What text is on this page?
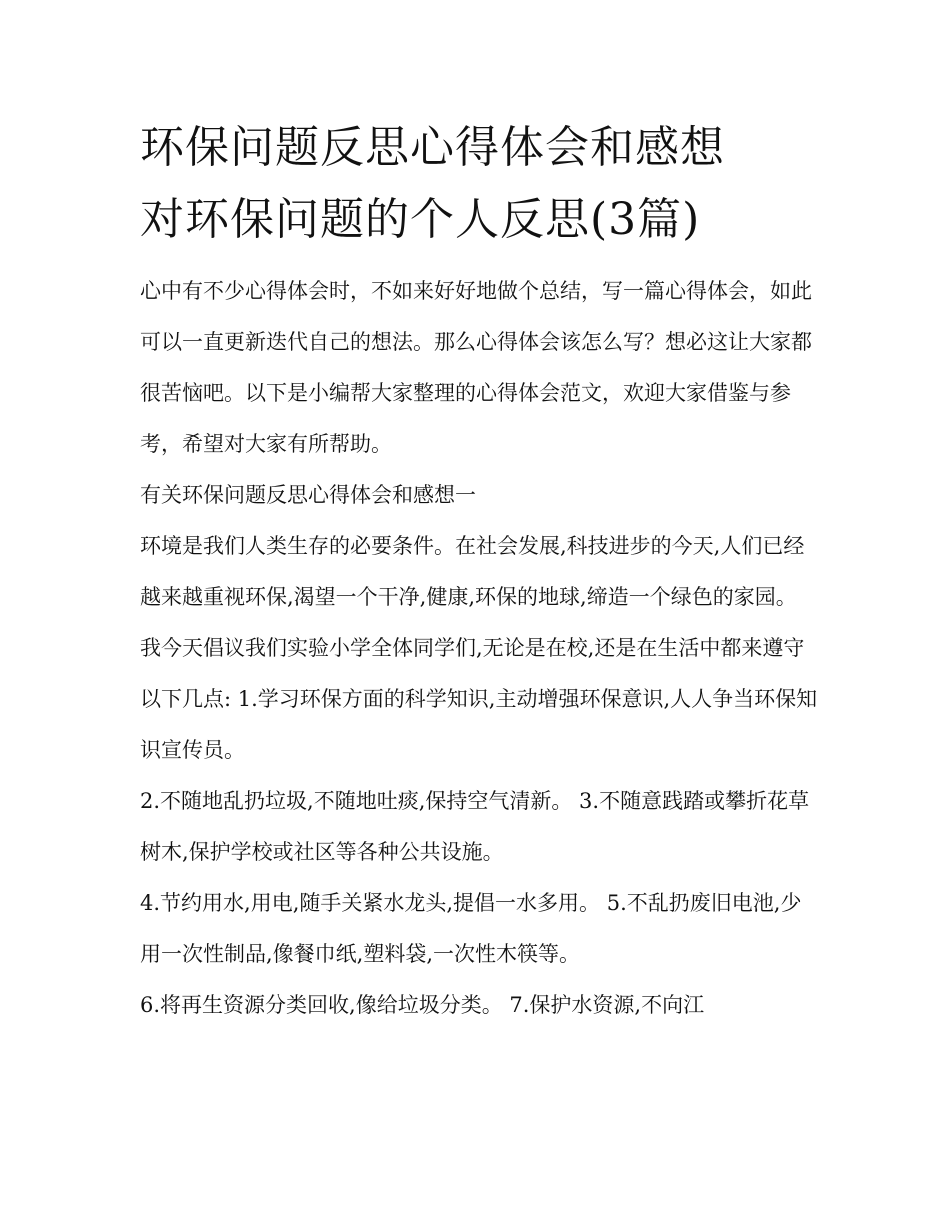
环保问题反思心得体会和感想
对环保问题的个人反思(3篇)

心中有不少心得体会时，不如来好好地做个总结，写一篇心得体会，如此可以一直更新迭代自己的想法。那么心得体会该怎么写？想必这让大家都很苦恼吧。以下是小编帮大家整理的心得体会范文，欢迎大家借鉴与参考，希望对大家有所帮助。

有关环保问题反思心得体会和感想一

环境是我们人类生存的必要条件。在社会发展,科技进步的今天,人们已经越来越重视环保,渴望一个干净,健康,环保的地球,缔造一个绿色的家园。

我今天倡议我们实验小学全体同学们,无论是在校,还是在生活中都来遵守以下几点: 1.学习环保方面的科学知识,主动增强环保意识,人人争当环保知识宣传员。

2.不随地乱扔垃圾,不随地吐痰,保持空气清新。 3.不随意践踏或攀折花草树木,保护学校或社区等各种公共设施。

4.节约用水,用电,随手关紧水龙头,提倡一水多用。 5.不乱扔废旧电池,少用一次性制品,像餐巾纸,塑料袋,一次性木筷等。

6.将再生资源分类回收,像给垃圾分类。 7.保护水资源,不向江
